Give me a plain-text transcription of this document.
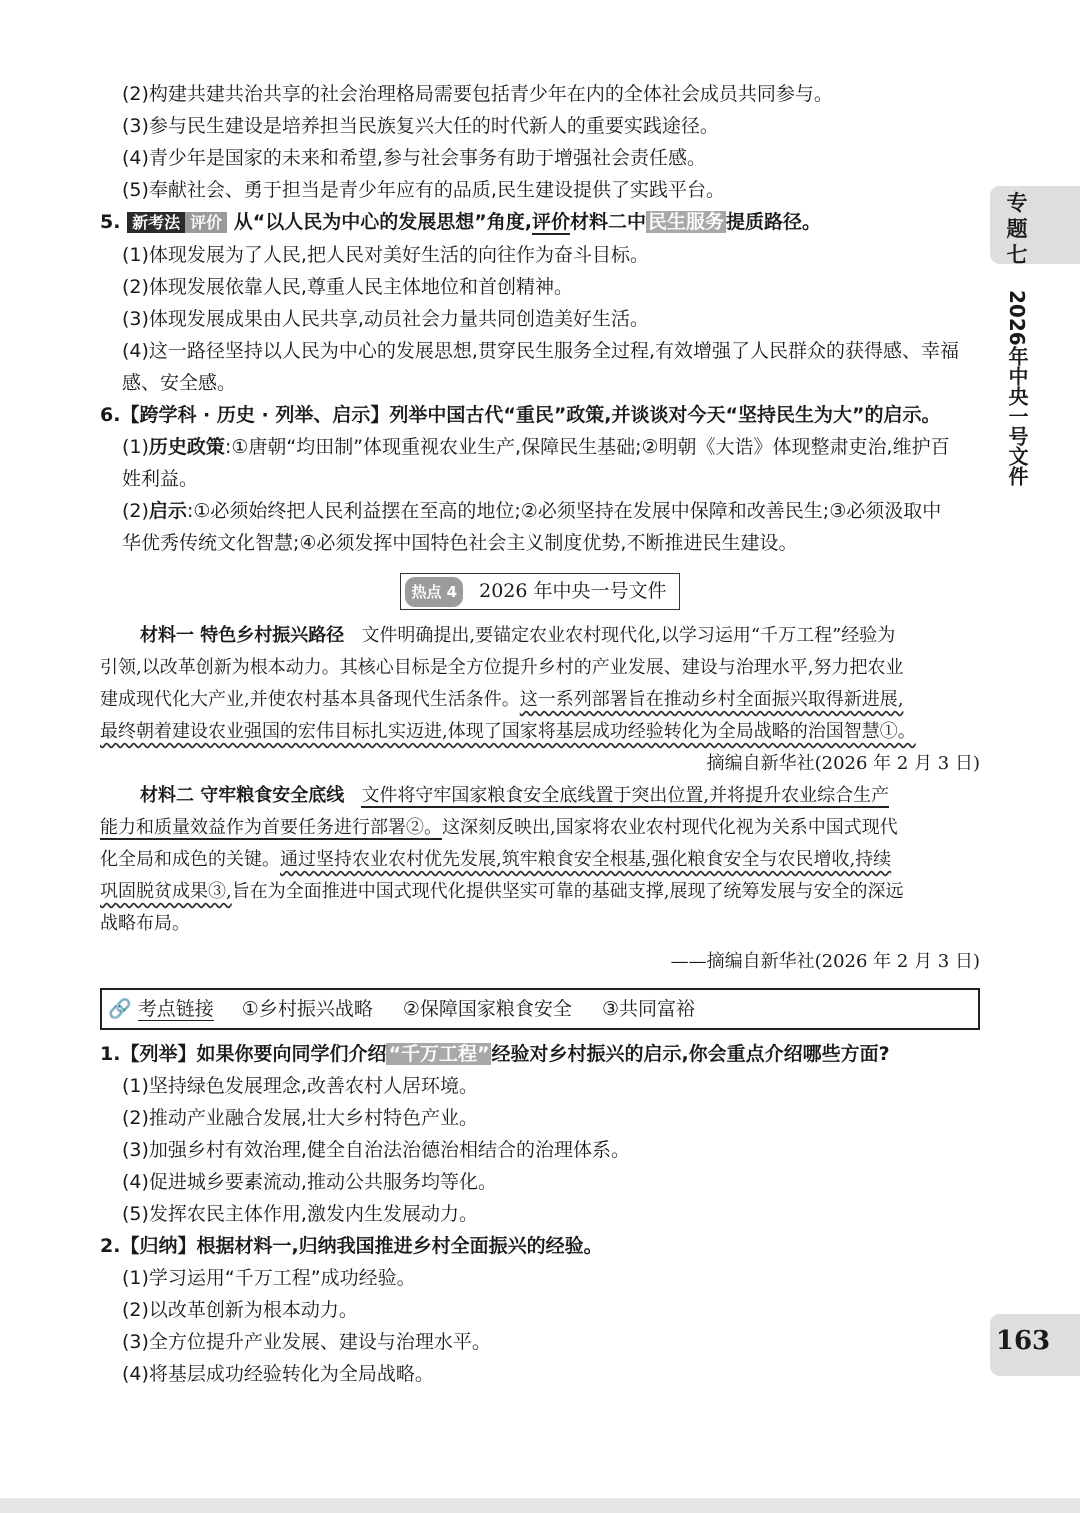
(2)构建共建共治共享的社会治理格局需要包括青少年在内的全体社会成员共同参与。
(3)参与民生建设是培养担当民族复兴大任的时代新人的重要实践途径。
(4)青少年是国家的未来和希望,参与社会事务有助于增强社会责任感。
(5)奉献社会、勇于担当是青少年应有的品质,民生建设提供了实践平台。
5. 新考法 评价 从“以人民为中心的发展思想”角度,评价材料二中 民生服务 提质路径。
(1)体现发展为了人民,把人民对美好生活的向往作为奋斗目标。
(2)体现发展依靠人民,尊重人民主体地位和首创精神。
(3)体现发展成果由人民共享,动员社会力量共同创造美好生活。
(4)这一路径坚持以人民为中心的发展思想,贯穿民生服务全过程,有效增强了人民群众的获得感、幸福
感、安全感。
6.【跨学科 · 历史 · 列举、启示】列举中国古代“重民”政策,并谈谈对今天“坚持民生为大”的启示。
(1)历史政策:①唐朝“均田制”体现重视农业生产,保障民生基础;②明朝《大诰》体现整肃吏治,维护百
姓利益。
(2)启示:①必须始终把人民利益摆在至高的地位;②必须坚持在发展中保障和改善民生;③必须汲取中
华优秀传统文化智慧;④必须发挥中国特色社会主义制度优势,不断推进民生建设。
热点 4 2026 年中央一号文件
材料一 特色乡村振兴路径 文件明确提出,要锚定农业农村现代化,以学习运用“千万工程”经验为
引领,以改革创新为根本动力。其核心目标是全方位提升乡村的产业发展、建设与治理水平,努力把农业
建成现代化大产业,并使农村基本具备现代生活条件。这一系列部署旨在推动乡村全面振兴取得新进展,
最终朝着建设农业强国的宏伟目标扎实迈进,体现了国家将基层成功经验转化为全局战略的治国智慧①。
摘编自新华社(2026 年 2 月 3 日)
材料二 守牢粮食安全底线 文件将守牢国家粮食安全底线置于突出位置,并将提升农业综合生产
能力和质量效益作为首要任务进行部署②。这深刻反映出,国家将农业农村现代化视为关系中国式现代
化全局和成色的关键。通过坚持农业农村优先发展,筑牢粮食安全根基,强化粮食安全与农民增收,持续
巩固脱贫成果③,旨在为全面推进中国式现代化提供坚实可靠的基础支撑,展现了统筹发展与安全的深远
战略布局。
——摘编自新华社(2026 年 2 月 3 日)
🔗 考点链接 ①乡村振兴战略 ②保障国家粮食安全 ③共同富裕
1.【列举】如果你要向同学们介绍 “千万工程” 经验对乡村振兴的启示,你会重点介绍哪些方面?
(1)坚持绿色发展理念,改善农村人居环境。
(2)推动产业融合发展,壮大乡村特色产业。
(3)加强乡村有效治理,健全自治法治德治相结合的治理体系。
(4)促进城乡要素流动,推动公共服务均等化。
(5)发挥农民主体作用,激发内生发展动力。
2.【归纳】根据材料一,归纳我国推进乡村全面振兴的经验。
(1)学习运用“千万工程”成功经验。
(2)以改革创新为根本动力。
(3)全方位提升产业发展、建设与治理水平。
(4)将基层成功经验转化为全局战略。
专题七
2026年中央一号文件
163
